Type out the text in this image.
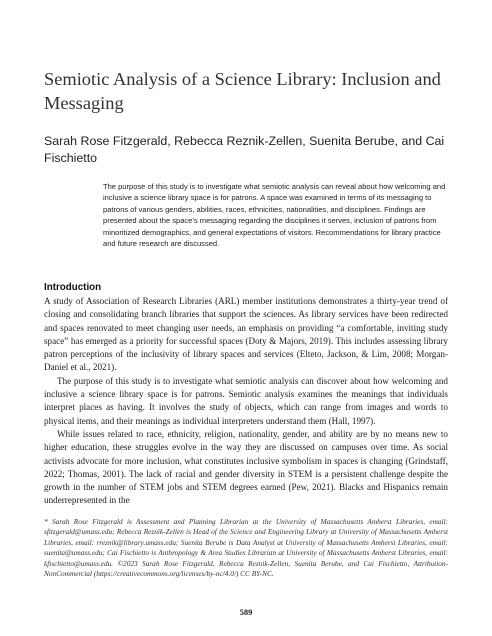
Semiotic Analysis of a Science Library: Inclusion and Messaging
Sarah Rose Fitzgerald, Rebecca Reznik-Zellen, Suenita Berube, and Cai Fischietto

The purpose of this study is to investigate what semiotic analysis can reveal about how welcoming and inclusive a science library space is for patrons. A space was examined in terms of its messaging to patrons of various genders, abilities, races, ethnicities, nationalities, and disciplines. Findings are presented about the space’s messaging regarding the disciplines it serves, inclusion of patrons from minoritized demographics, and general expectations of visitors. Recommendations for library practice and future research are discussed.

Introduction

A study of Association of Research Libraries (ARL) member institutions demonstrates a thirty-year trend of closing and consolidating branch libraries that support the sciences. As library services have been redirected and spaces renovated to meet changing user needs, an emphasis on providing “a comfortable, inviting study space” has emerged as a priority for successful spaces (Doty & Majors, 2019). This includes assessing library patron perceptions of the inclusivity of library spaces and services (Elteto, Jackson, & Lim, 2008; Morgan-Daniel et al., 2021).

The purpose of this study is to investigate what semiotic analysis can discover about how welcoming and inclusive a science library space is for patrons. Semiotic analysis examines the meanings that individuals interpret places as having. It involves the study of objects, which can range from images and words to physical items, and their meanings as individual interpreters understand them (Hall, 1997).

While issues related to race, ethnicity, religion, nationality, gender, and ability are by no means new to higher education, these struggles evolve in the way they are discussed on campuses over time. As social activists advocate for more inclusion, what constitutes inclusive symbolism in spaces is changing (Grindstaff, 2022; Thomas, 2001). The lack of racial and gender diversity in STEM is a persistent challenge despite the growth in the number of STEM jobs and STEM degrees earned (Pew, 2021). Blacks and Hispanics remain underrepresented in the

* Sarah Rose Fitzgerald is Assessment and Planning Librarian at the University of Massachusetts Amherst Libraries, email: sfitzgerald@umass.edu; Rebecca Reznik-Zellen is Head of the Science and Engineering Library at University of Massachusetts Amherst Libraries, email: rreznik@library.umass.edu; Suenita Berube is Data Analyst at University of Massachusetts Amherst Libraries, email: suenita@umass.edu; Cai Fischietto is Anthropology & Area Studies Librarian at University of Massachusetts Amherst Libraries, email: kfischietto@umass.edu. ©2023 Sarah Rose Fitzgerald, Rebecca Reznik-Zellen, Suenita Berube, and Cai Fischietto, Attribution-NonCommercial (https://creativecommons.org/licenses/by-nc/4.0/) CC BY-NC.

589
